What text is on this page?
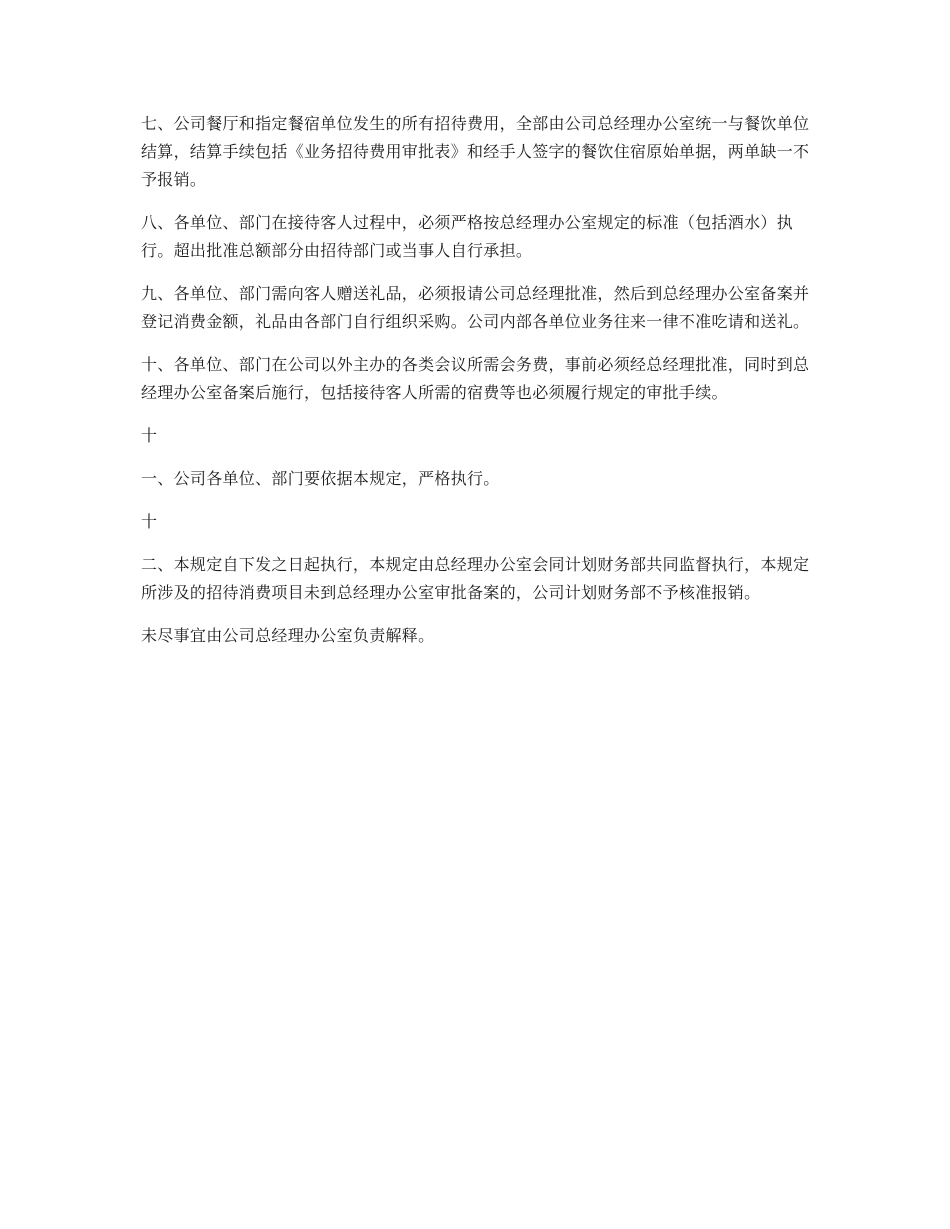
七、公司餐厅和指定餐宿单位发生的所有招待费用，全部由公司总经理办公室统一与餐饮单位结算，结算手续包括《业务招待费用审批表》和经手人签字的餐饮住宿原始单据，两单缺一不予报销。

八、各单位、部门在接待客人过程中，必须严格按总经理办公室规定的标准（包括酒水）执行。超出批准总额部分由招待部门或当事人自行承担。

九、各单位、部门需向客人赠送礼品，必须报请公司总经理批准，然后到总经理办公室备案并登记消费金额，礼品由各部门自行组织采购。公司内部各单位业务往来一律不准吃请和送礼。

十、各单位、部门在公司以外主办的各类会议所需会务费，事前必须经总经理批准，同时到总经理办公室备案后施行，包括接待客人所需的宿费等也必须履行规定的审批手续。

十

一、公司各单位、部门要依据本规定，严格执行。

十

二、本规定自下发之日起执行，本规定由总经理办公室会同计划财务部共同监督执行，本规定所涉及的招待消费项目未到总经理办公室审批备案的，公司计划财务部不予核准报销。

未尽事宜由公司总经理办公室负责解释。
